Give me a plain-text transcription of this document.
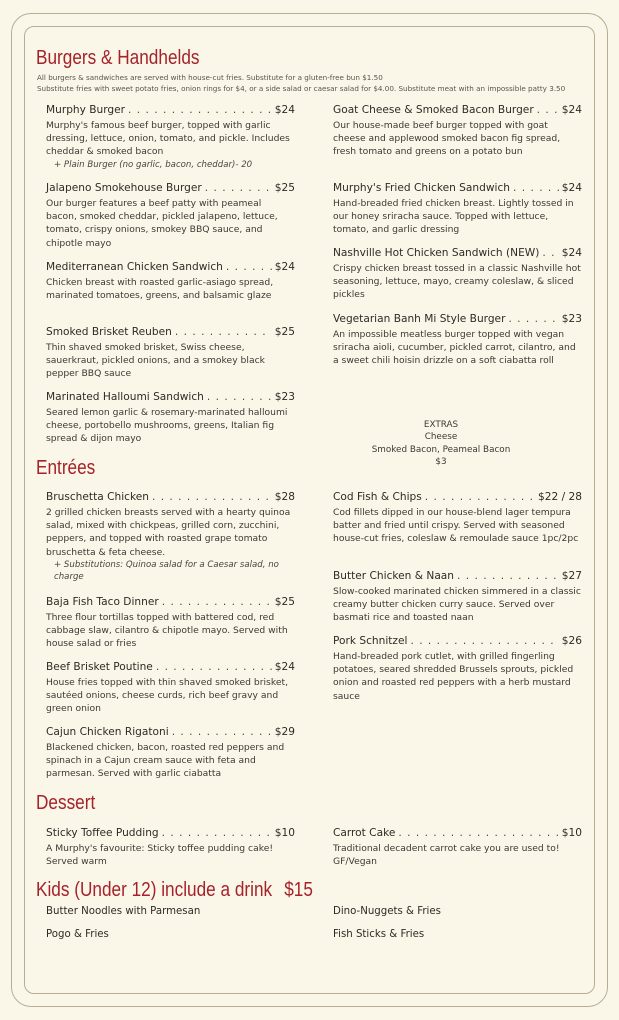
Burgers & Handhelds
All burgers & sandwiches are served with house-cut fries. Substitute for a gluten-free bun $1.50
Substitute fries with sweet potato fries, onion rings for $4, or a side salad or caesar salad for $4.00. Substitute meat with an impossible patty 3.50
Murphy Burger . . .	$24
Murphy's famous beef burger, topped with garlic dressing, lettuce, onion, tomato, and pickle. Includes cheddar & smoked bacon
+ Plain Burger (no garlic, bacon, cheddar)- 20
Jalapeno Smokehouse Burger . . .	$25
Our burger features a beef patty with peameal bacon, smoked cheddar, pickled jalapeno, lettuce, tomato, crispy onions, smokey BBQ sauce, and chipotle mayo
Mediterranean Chicken Sandwich . . .	$24
Chicken breast with roasted garlic-asiago spread, marinated tomatoes, greens, and balsamic glaze
Smoked Brisket Reuben . . .	$25
Thin shaved smoked brisket, Swiss cheese, sauerkraut, pickled onions, and a smokey black pepper BBQ sauce
Marinated Halloumi Sandwich . . .	$23
Seared lemon garlic & rosemary-marinated halloumi cheese, portobello mushrooms, greens, Italian fig spread & dijon mayo
Goat Cheese & Smoked Bacon Burger . . .	$24
Our house-made beef burger topped with goat cheese and applewood smoked bacon fig spread, fresh tomato and greens on a potato bun
Murphy's Fried Chicken Sandwich . . .	$24
Hand-breaded fried chicken breast. Lightly tossed in our honey sriracha sauce. Topped with lettuce, tomato, and garlic dressing
Nashville Hot Chicken Sandwich (NEW) . . . $24
Crispy chicken breast tossed in a classic Nashville hot seasoning, lettuce, mayo, creamy coleslaw, & sliced pickles
Vegetarian Banh Mi Style Burger . . .	$23
An impossible meatless burger topped with vegan sriracha aioli, cucumber, pickled carrot, cilantro, and a sweet chili hoisin drizzle on a soft ciabatta roll
EXTRAS
Cheese
Smoked Bacon, Peameal Bacon
$3
Entrées
Bruschetta Chicken . . .	$28
2 grilled chicken breasts served with a hearty quinoa salad, mixed with chickpeas, grilled corn, zucchini, peppers, and topped with roasted grape tomato bruschetta & feta cheese.
+ Substitutions: Quinoa salad for a Caesar salad, no charge
Baja Fish Taco Dinner . . .	$25
Three flour tortillas topped with battered cod, red cabbage slaw, cilantro & chipotle mayo. Served with house salad or fries
Beef Brisket Poutine . . .	$24
House fries topped with thin shaved smoked brisket, sautéed onions, cheese curds, rich beef gravy and green onion
Cajun Chicken Rigatoni . . .	$29
Blackened chicken, bacon, roasted red peppers and spinach in a Cajun cream sauce with feta and parmesan. Served with garlic ciabatta
Cod Fish & Chips . . .	$22 / 28
Cod fillets dipped in our house-blend lager tempura batter and fried until crispy. Served with seasoned house-cut fries, coleslaw & remoulade sauce 1pc/2pc
Butter Chicken & Naan . . .	$27
Slow-cooked marinated chicken simmered in a classic creamy butter chicken curry sauce. Served over basmati rice and toasted naan
Pork Schnitzel . . .	$26
Hand-breaded pork cutlet, with grilled fingerling potatoes, seared shredded Brussels sprouts, pickled onion and roasted red peppers with a herb mustard sauce
Dessert
Sticky Toffee Pudding . . .	$10
A Murphy's favourite: Sticky toffee pudding cake! Served warm
Carrot Cake . . .	$10
Traditional decadent carrot cake you are used to! GF/Vegan
Kids (Under 12) include a drink $15
Butter Noodles with Parmesan	Dino-Nuggets & Fries
Pogo & Fries	Fish Sticks & Fries
